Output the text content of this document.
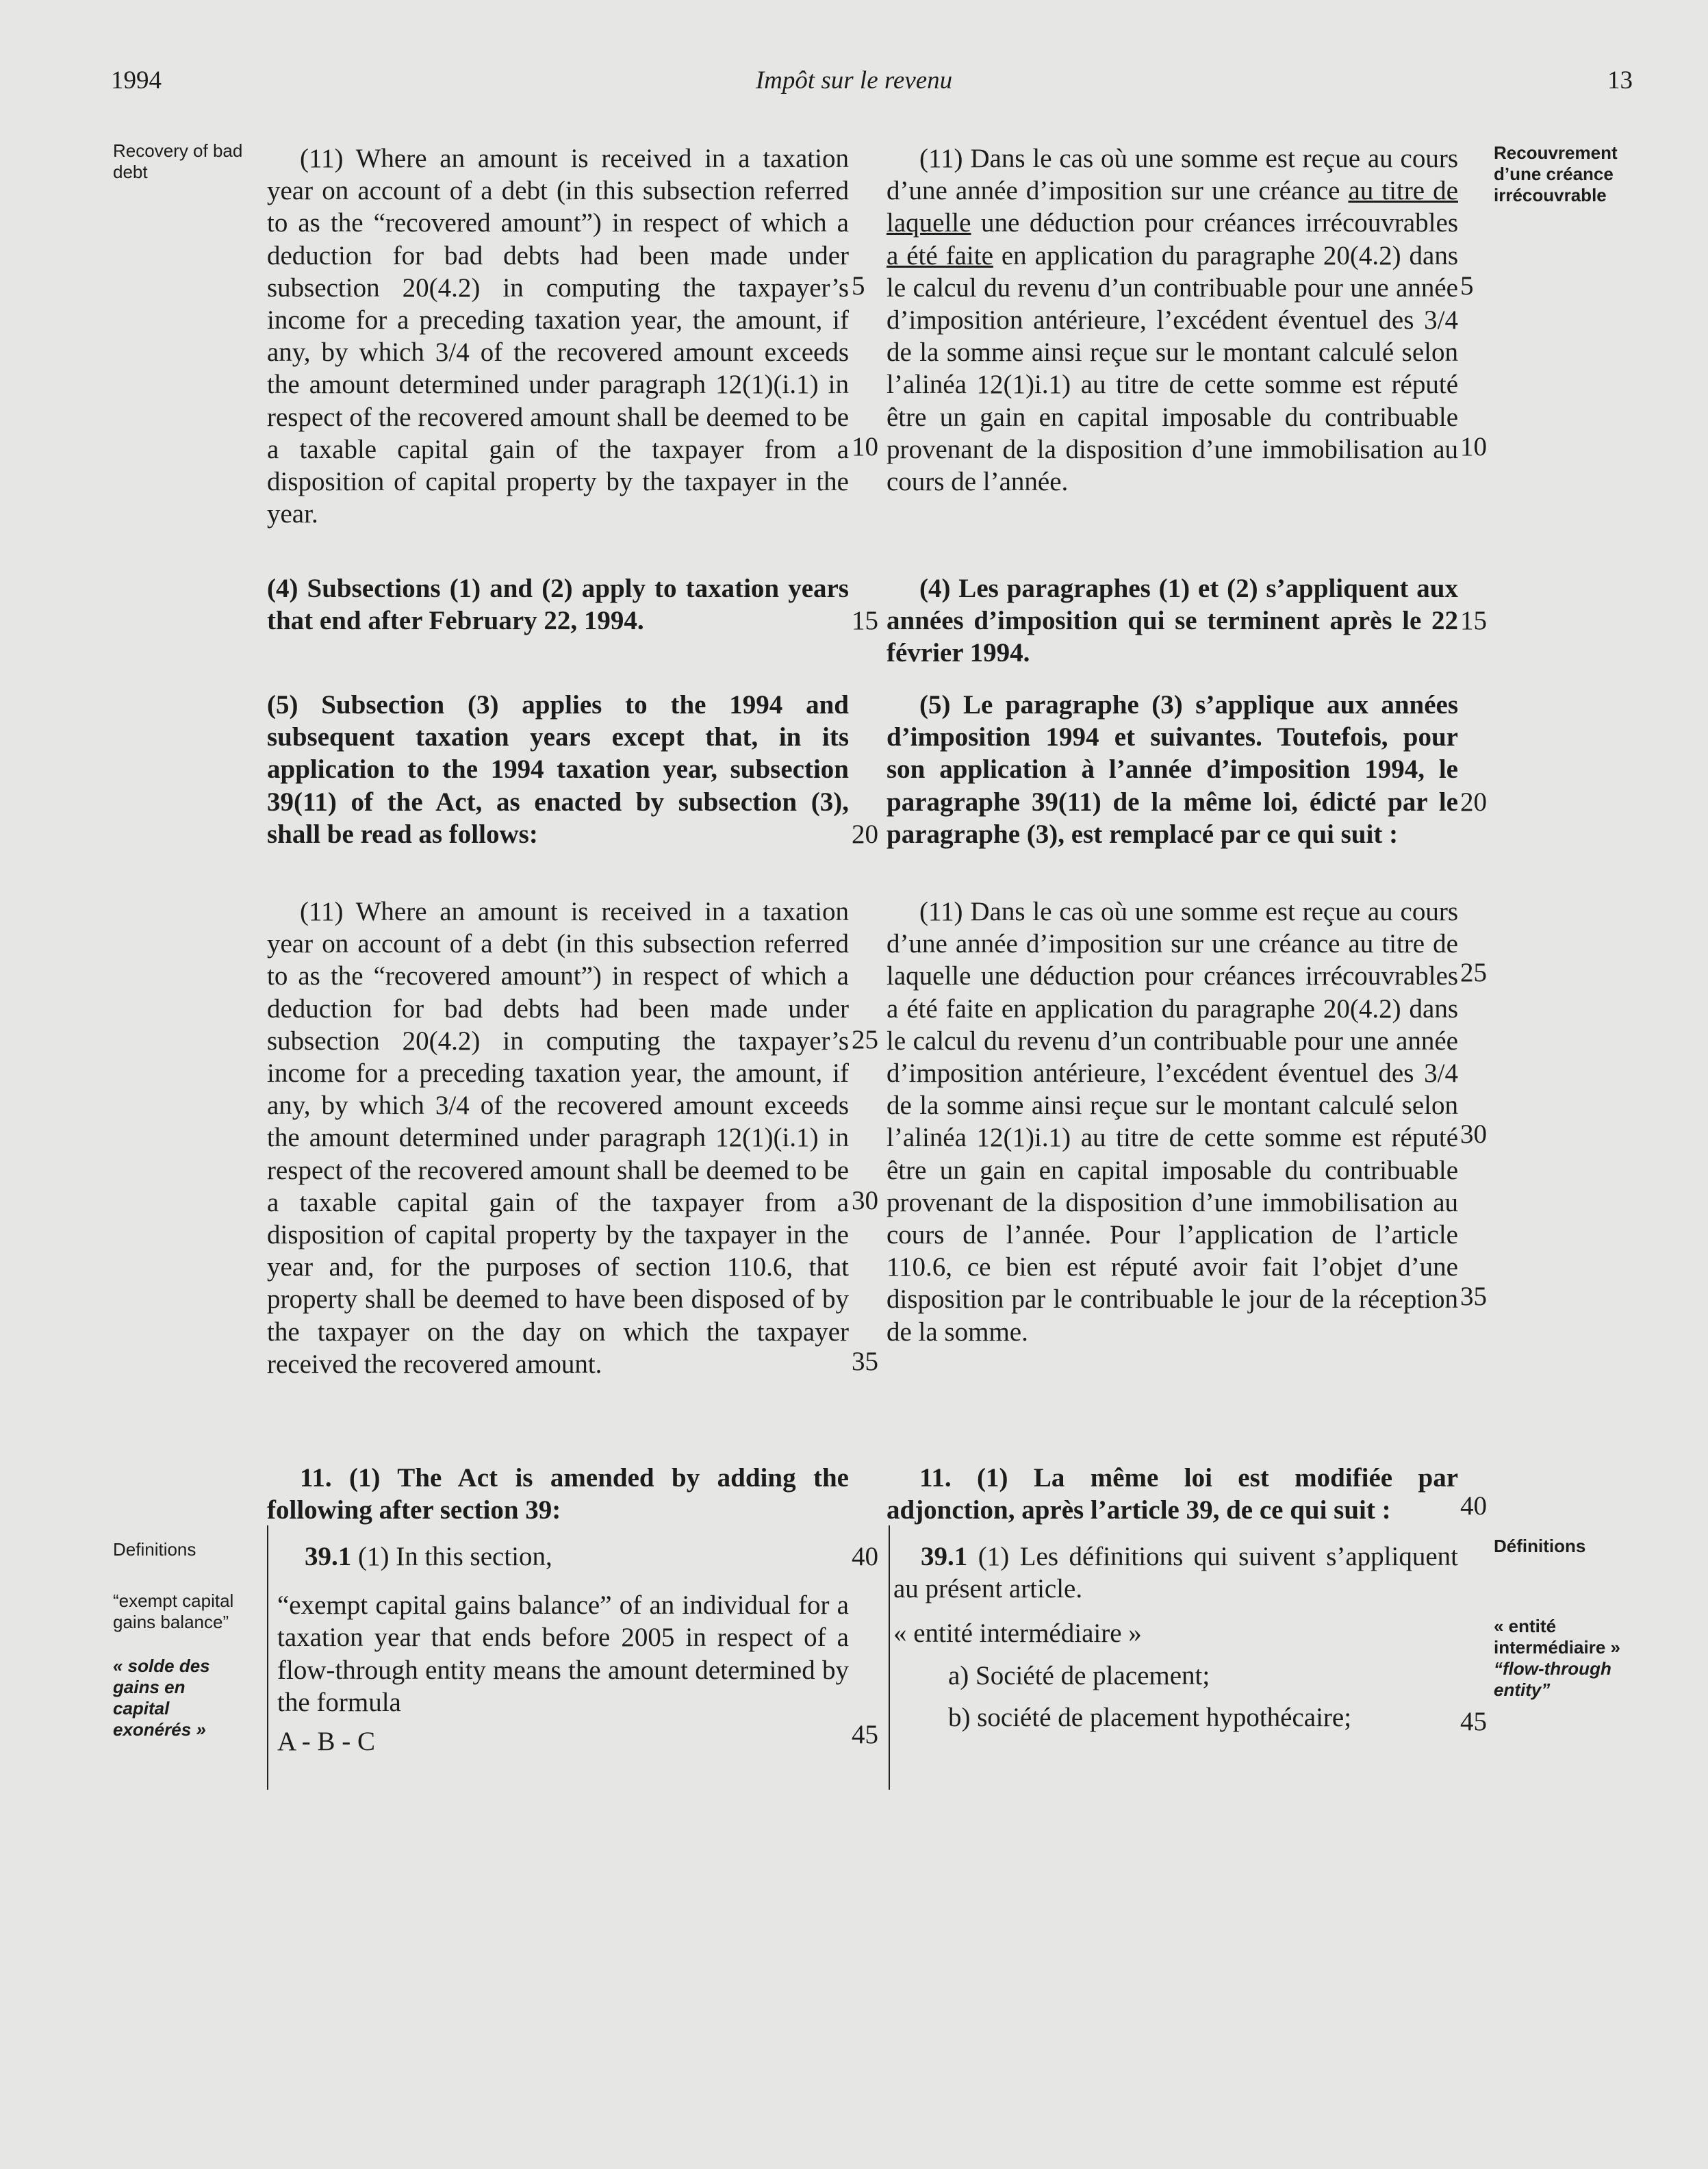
1994	Impôt sur le revenu	13
Recovery of bad debt
Recouvrement d’une créance irrécouvrable
Definitions	Définitions
“exempt capital gains balance”
« solde des gains en capital exonérés »
« entité intermédiaire »
“flow-through entity”

(11) Where an amount is received in a taxation year on account of a debt (in this subsection referred to as the “recovered amount”) in respect of which a deduction for bad debts had been made under subsection 20(4.2) in computing the taxpayer’s income for a preceding taxation year, the amount, if any, by which 3/4 of the recovered amount exceeds the amount determined under paragraph 12(1)(i.1) in respect of the recovered amount shall be deemed to be a taxable capital gain of the taxpayer from a disposition of capital property by the taxpayer in the year.

(4) Subsections (1) and (2) apply to taxation years that end after February 22, 1994.

(5) Subsection (3) applies to the 1994 and subsequent taxation years except that, in its application to the 1994 taxation year, subsection 39(11) of the Act, as enacted by subsection (3), shall be read as follows:

(11) Where an amount is received in a taxation year on account of a debt (in this subsection referred to as the “recovered amount”) in respect of which a deduction for bad debts had been made under subsection 20(4.2) in computing the taxpayer’s income for a preceding taxation year, the amount, if any, by which 3/4 of the recovered amount exceeds the amount determined under paragraph 12(1)(i.1) in respect of the recovered amount shall be deemed to be a taxable capital gain of the taxpayer from a disposition of capital property by the taxpayer in the year and, for the purposes of section 110.6, that property shall be deemed to have been disposed of by the taxpayer on the day on which the taxpayer received the recovered amount.

11. (1) The Act is amended by adding the following after section 39:

39.1 (1) In this section,

“exempt capital gains balance” of an individual for a taxation year that ends before 2005 in respect of a flow-through entity means the amount determined by the formula

A - B - C

(11) Dans le cas où une somme est reçue au cours d’une année d’imposition sur une créance au titre de laquelle une déduction pour créances irrécouvrables a été faite en application du paragraphe 20(4.2) dans le calcul du revenu d’un contribuable pour une année d’imposition antérieure, l’excédent éventuel des 3/4 de la somme ainsi reçue sur le montant calculé selon l’alinéa 12(1)i.1) au titre de cette somme est réputé être un gain en capital imposable du contribuable provenant de la disposition d’une immobilisation au cours de l’année.

(4) Les paragraphes (1) et (2) s’appliquent aux années d’imposition qui se terminent après le 22 février 1994.

(5) Le paragraphe (3) s’applique aux années d’imposition 1994 et suivantes. Toutefois, pour son application à l’année d’imposition 1994, le paragraphe 39(11) de la même loi, édicté par le paragraphe (3), est remplacé par ce qui suit :

(11) Dans le cas où une somme est reçue au cours d’une année d’imposition sur une créance au titre de laquelle une déduction pour créances irrécouvrables a été faite en application du paragraphe 20(4.2) dans le calcul du revenu d’un contribuable pour une année d’imposition antérieure, l’excédent éventuel des 3/4 de la somme ainsi reçue sur le montant calculé selon l’alinéa 12(1)i.1) au titre de cette somme est réputé être un gain en capital imposable du contribuable provenant de la disposition d’une immobilisation au cours de l’année. Pour l’application de l’article 110.6, ce bien est réputé avoir fait l’objet d’une disposition par le contribuable le jour de la réception de la somme.

11. (1) La même loi est modifiée par adjonction, après l’article 39, de ce qui suit :

39.1 (1) Les définitions qui suivent s’appliquent au présent article.

« entité intermédiaire »

a) Société de placement;

b) société de placement hypothécaire;

5
10
15
20
25
30
35
40
45
5
10
15
20
25
30
35
40
45
